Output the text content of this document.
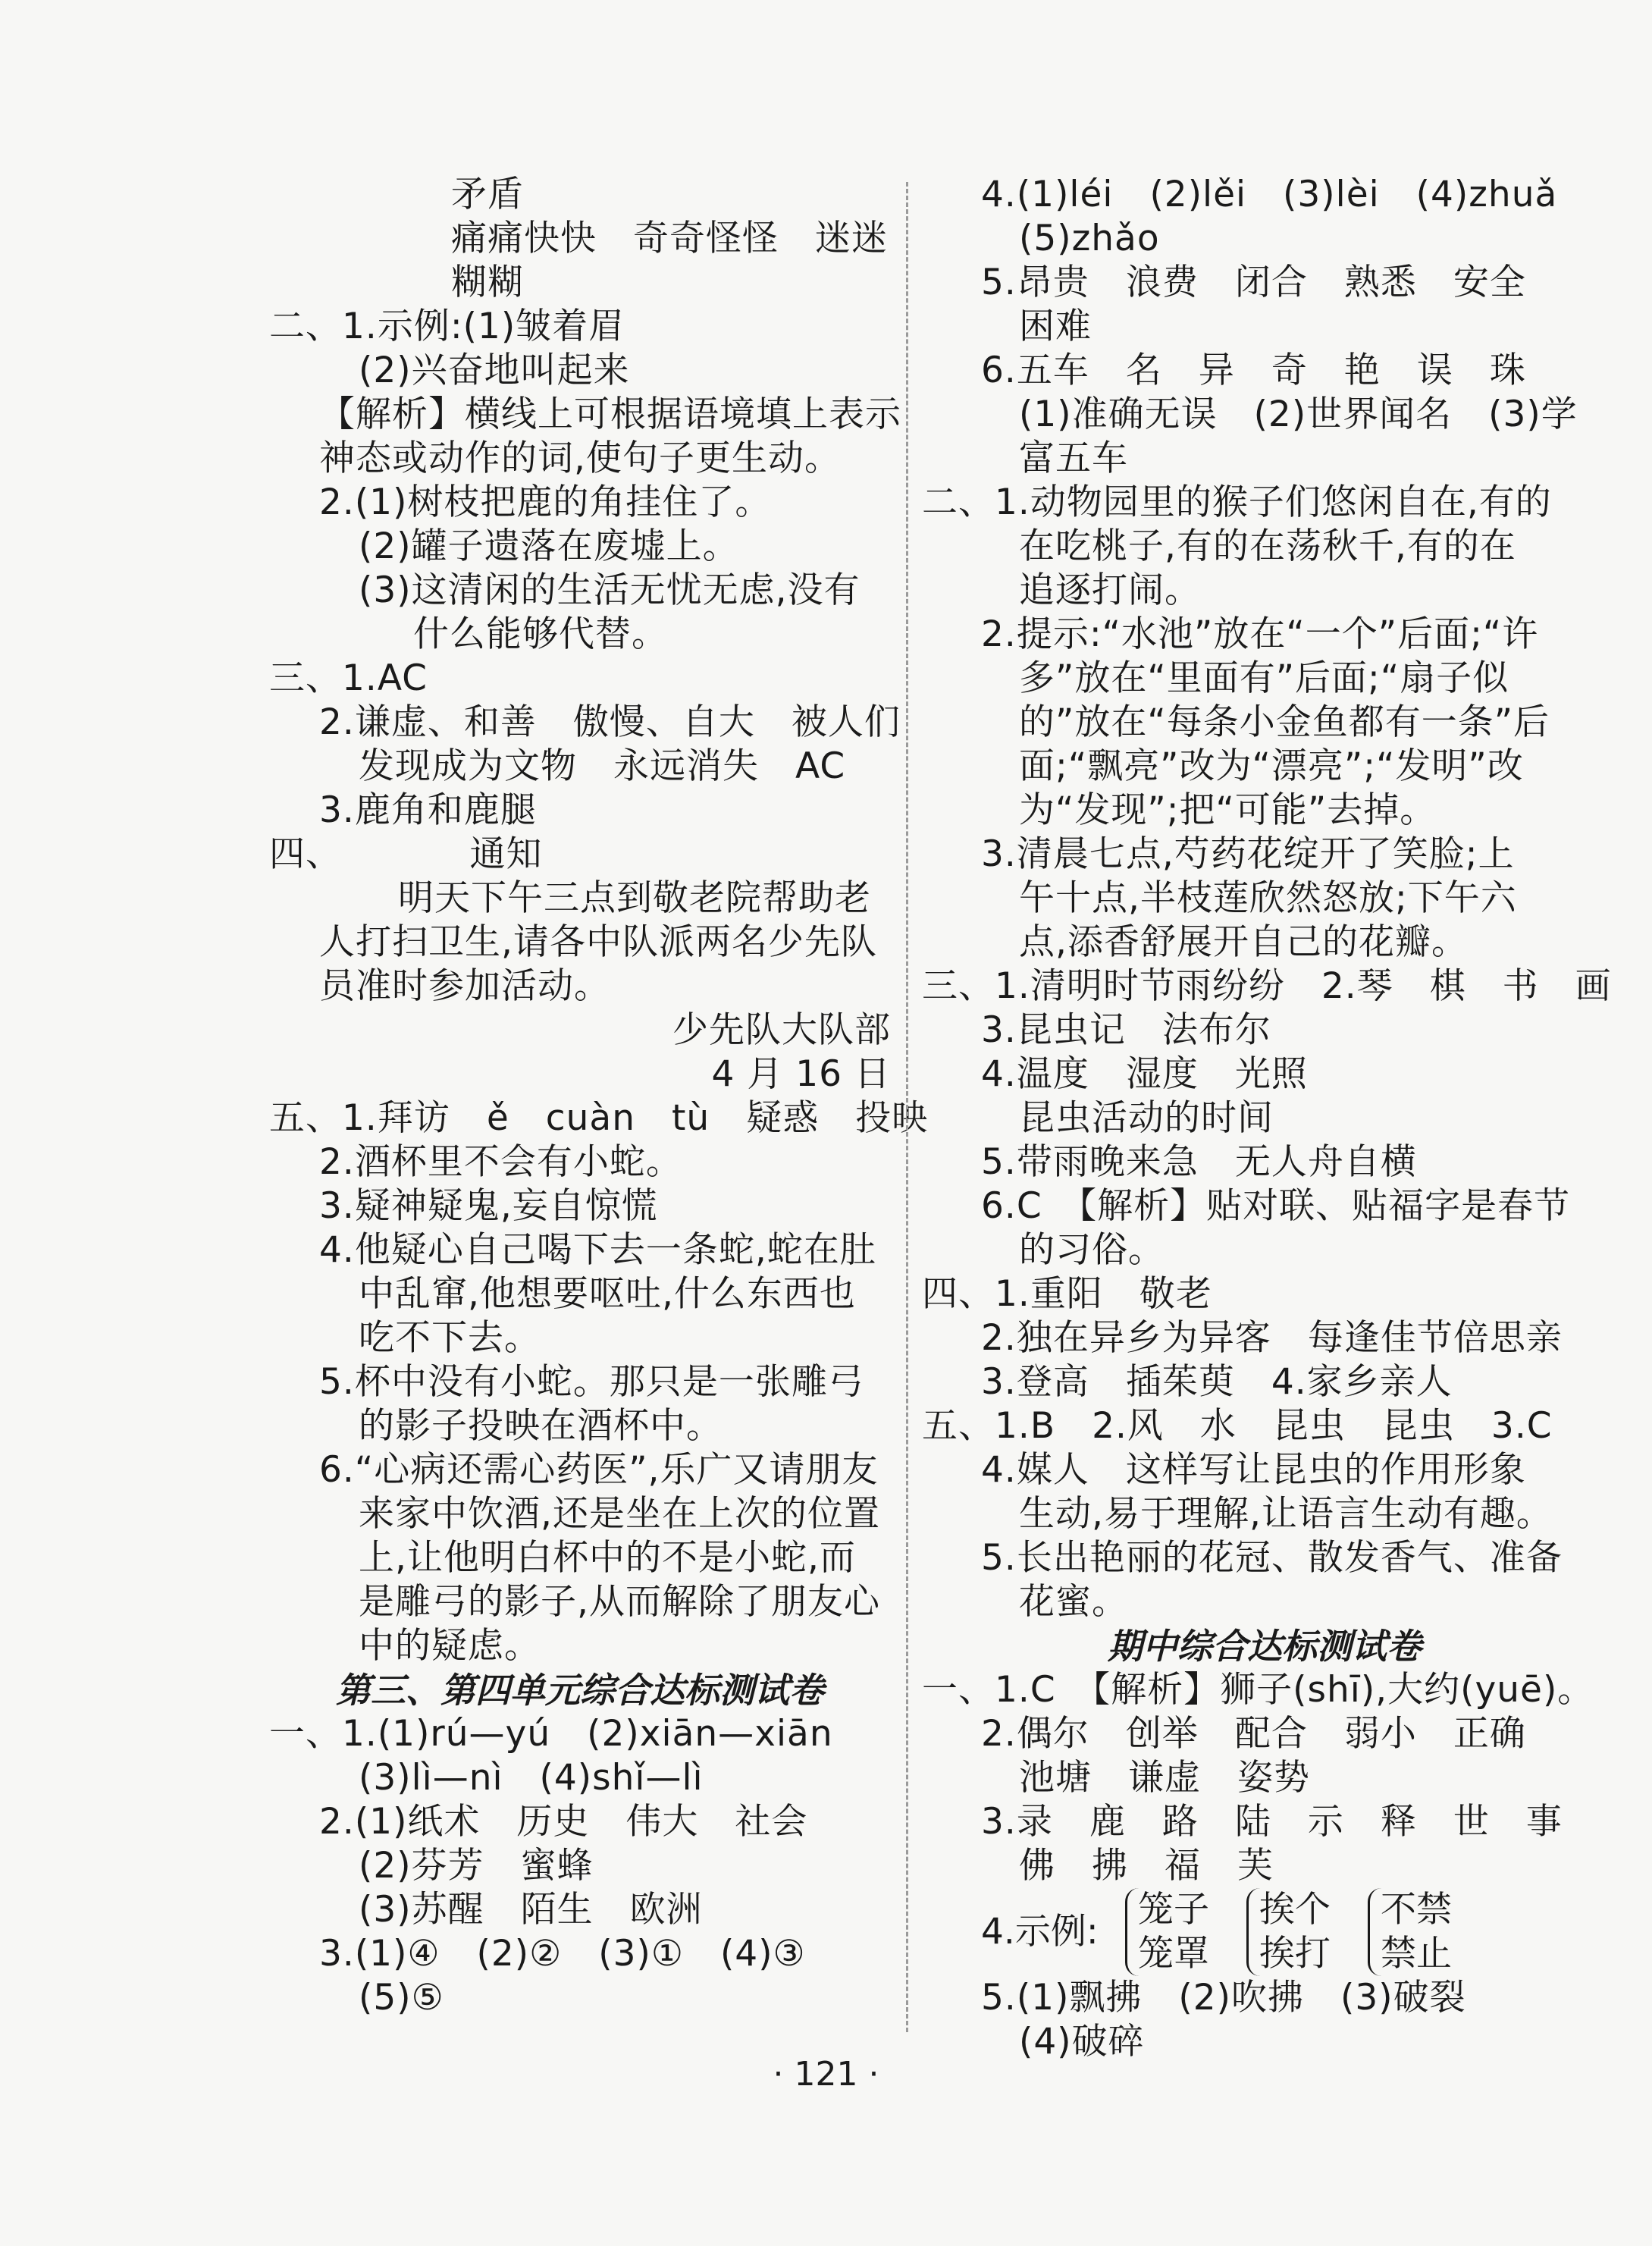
矛盾
痛痛快快　奇奇怪怪　迷迷
糊糊
二、1.示例:(1)皱着眉
(2)兴奋地叫起来
【解析】横线上可根据语境填上表示
神态或动作的词,使句子更生动。
2.(1)树枝把鹿的角挂住了。
(2)罐子遗落在废墟上。
(3)这清闲的生活无忧无虑,没有
什么能够代替。
三、1.AC
2.谦虚、和善　傲慢、自大　被人们
发现成为文物　永远消失　AC
3.鹿角和鹿腿
四、　　　　通知
明天下午三点到敬老院帮助老
人打扫卫生,请各中队派两名少先队
员准时参加活动。
少先队大队部
4 月 16 日
五、1.拜访　ě　cuàn　tù　疑惑　投映
2.酒杯里不会有小蛇。
3.疑神疑鬼,妄自惊慌
4.他疑心自己喝下去一条蛇,蛇在肚
中乱窜,他想要呕吐,什么东西也
吃不下去。
5.杯中没有小蛇。那只是一张雕弓
的影子投映在酒杯中。
6.“心病还需心药医”,乐广又请朋友
来家中饮酒,还是坐在上次的位置
上,让他明白杯中的不是小蛇,而
是雕弓的影子,从而解除了朋友心
中的疑虑。
第三、第四单元综合达标测试卷
一、1.(1)rú—yú　(2)xiān—xiān
(3)lì—nì　(4)shǐ—lì
2.(1)纸术　历史　伟大　社会
(2)芬芳　蜜蜂
(3)苏醒　陌生　欧洲
3.(1)④　(2)②　(3)①　(4)③
(5)⑤
4.(1)léi　(2)lěi　(3)lèi　(4)zhuǎ
(5)zhǎo
5.昂贵　浪费　闭合　熟悉　安全
困难
6.五车　名　异　奇　艳　误　珠
(1)准确无误　(2)世界闻名　(3)学
富五车
二、1.动物园里的猴子们悠闲自在,有的
在吃桃子,有的在荡秋千,有的在
追逐打闹。
2.提示:“水池”放在“一个”后面;“许
多”放在“里面有”后面;“扇子似
的”放在“每条小金鱼都有一条”后
面;“飘亮”改为“漂亮”;“发明”改
为“发现”;把“可能”去掉。
3.清晨七点,芍药花绽开了笑脸;上
午十点,半枝莲欣然怒放;下午六
点,添香舒展开自己的花瓣。
三、1.清明时节雨纷纷　2.琴　棋　书　画
3.昆虫记　法布尔
4.温度　湿度　光照
昆虫活动的时间
5.带雨晚来急　无人舟自横
6.C　【解析】贴对联、贴福字是春节
的习俗。
四、1.重阳　敬老
2.独在异乡为异客　每逢佳节倍思亲
3.登高　插茱萸　4.家乡亲人
五、1.B　2.风　水　昆虫　昆虫　3.C
4.媒人　这样写让昆虫的作用形象
生动,易于理解,让语言生动有趣。
5.长出艳丽的花冠、散发香气、准备
花蜜。
期中综合达标测试卷
一、1.C　【解析】狮子(shī),大约(yuē)。
2.偶尔　创举　配合　弱小　正确
池塘　谦虚　姿势
3.录　鹿　路　陆　示　释　世　事
佛　拂　福　芙
4.示例:
笼子
笼罩
挨个
挨打
不禁
禁止
5.(1)飘拂　(2)吹拂　(3)破裂
(4)破碎
· 121 ·
